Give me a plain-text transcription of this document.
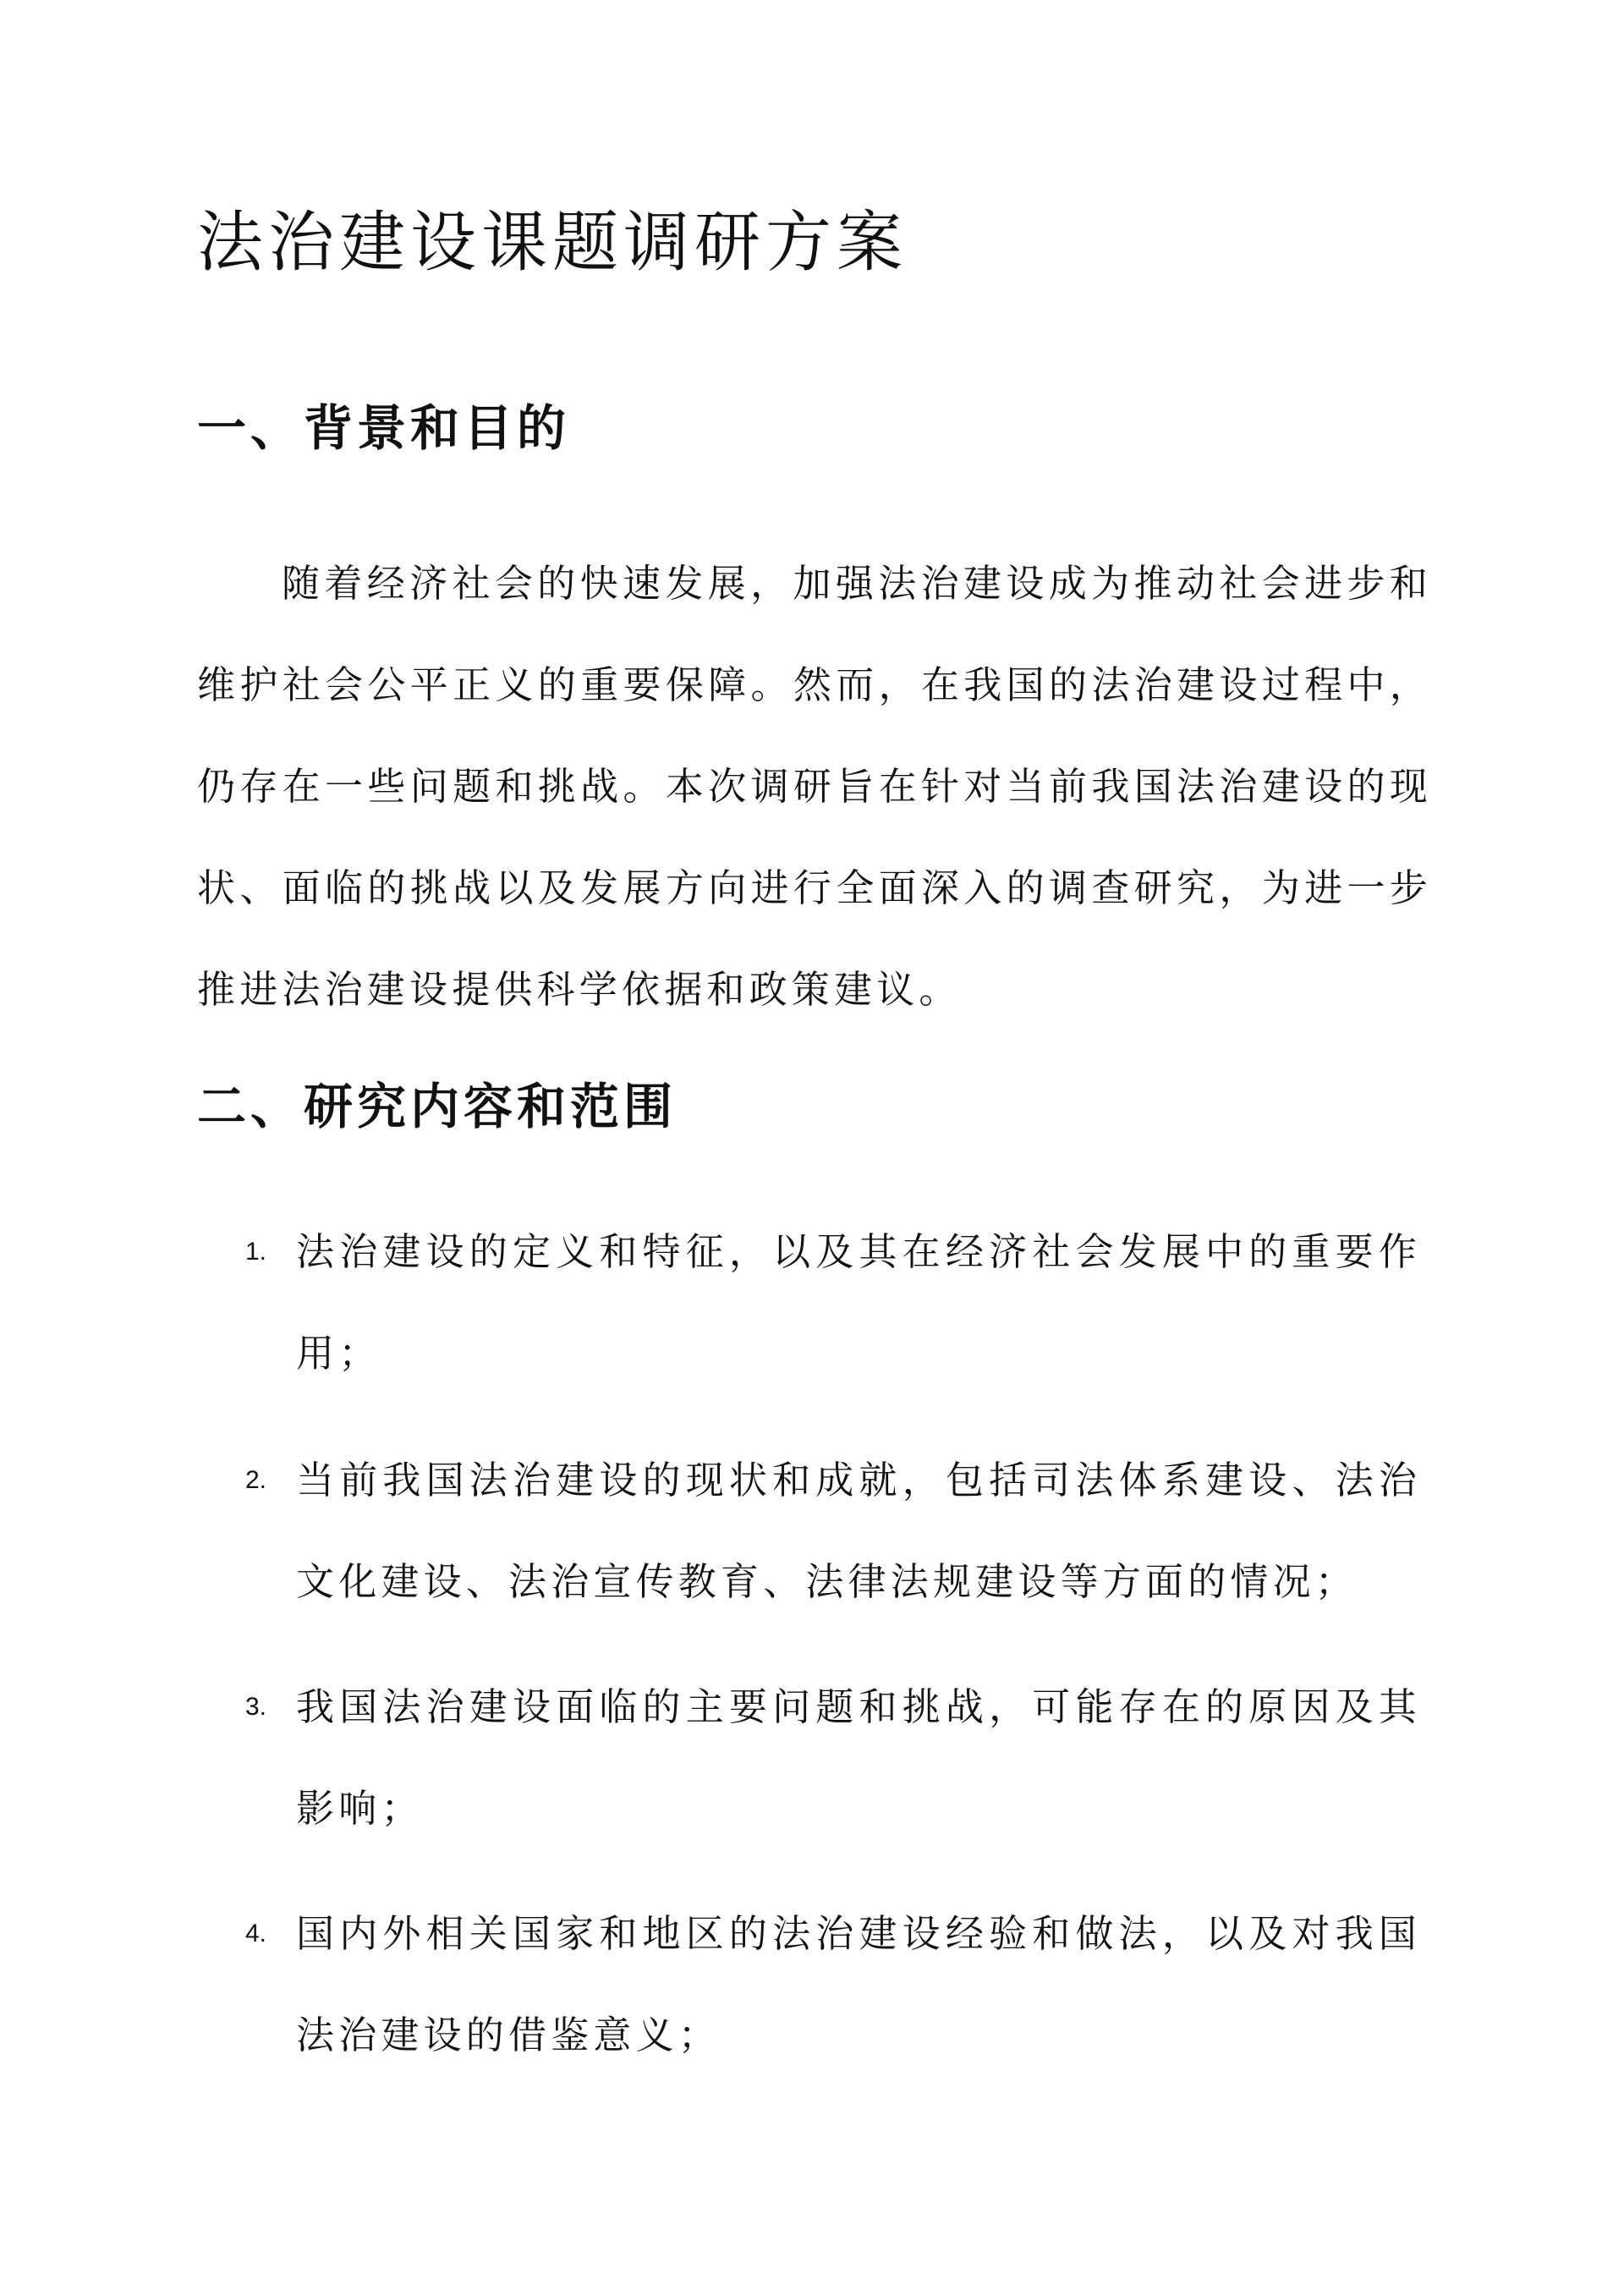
法治建设课题调研方案
一、背景和目的

随着经济社会的快速发展，加强法治建设成为推动社会进步和维护社会公平正义的重要保障。然而，在我国的法治建设过程中，仍存在一些问题和挑战。本次调研旨在针对当前我国法治建设的现状、面临的挑战以及发展方向进行全面深入的调查研究，为进一步推进法治建设提供科学依据和政策建议。

二、研究内容和范围
1. 法治建设的定义和特征，以及其在经济社会发展中的重要作用；

2. 当前我国法治建设的现状和成就，包括司法体系建设、法治文化建设、法治宣传教育、法律法规建设等方面的情况；

3. 我国法治建设面临的主要问题和挑战，可能存在的原因及其影响；

4. 国内外相关国家和地区的法治建设经验和做法，以及对我国法治建设的借鉴意义；
